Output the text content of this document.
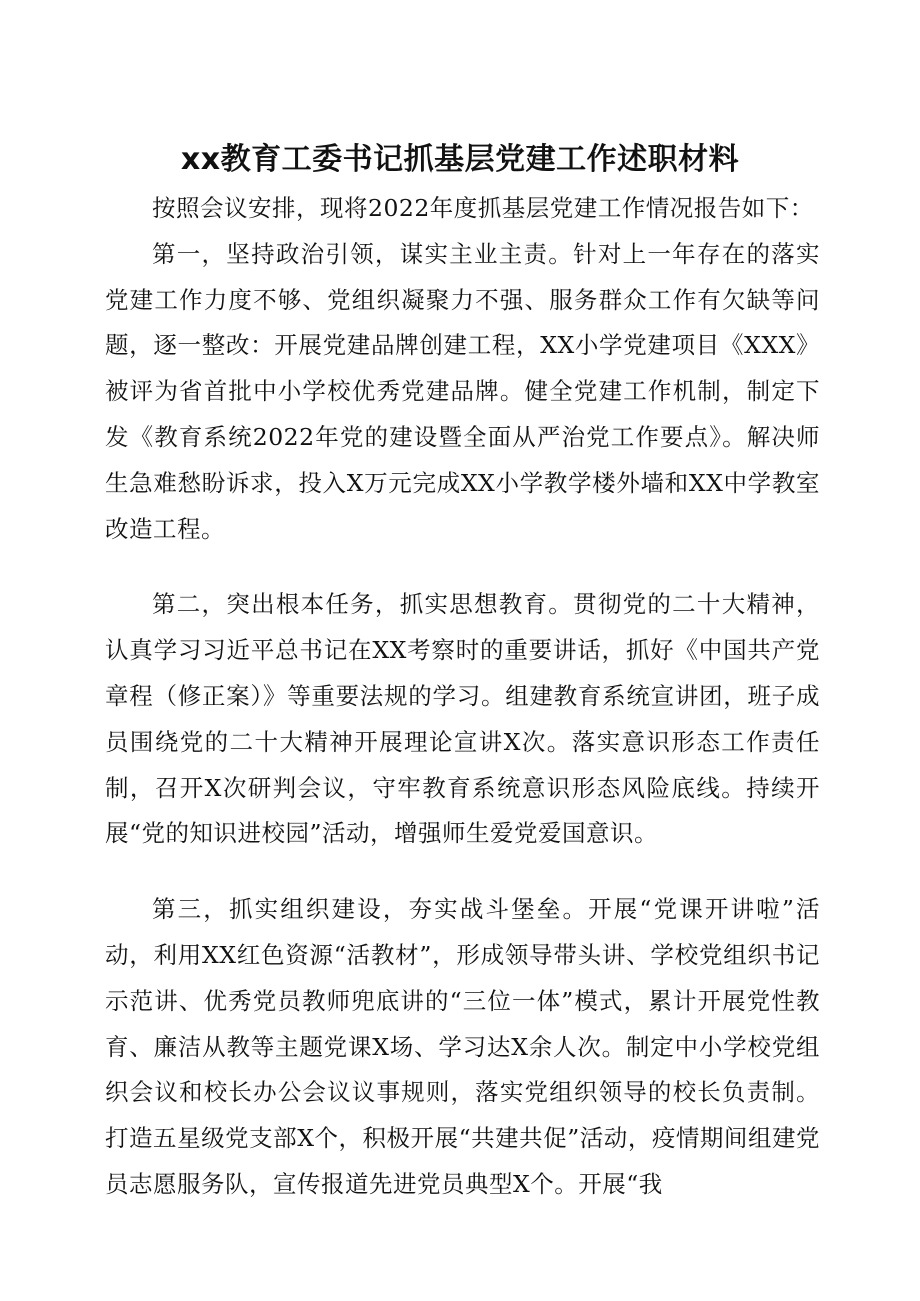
xx教育工委书记抓基层党建工作述职材料

按照会议安排，现将2022年度抓基层党建工作情况报告如下：

第一，坚持政治引领，谋实主业主责。针对上一年存在的落实党建工作力度不够、党组织凝聚力不强、服务群众工作有欠缺等问题，逐一整改：开展党建品牌创建工程，XX小学党建项目《XXX》被评为省首批中小学校优秀党建品牌。健全党建工作机制，制定下发《教育系统2022年党的建设暨全面从严治党工作要点》。解决师生急难愁盼诉求，投入X万元完成XX小学教学楼外墙和XX中学教室改造工程。

第二，突出根本任务，抓实思想教育。贯彻党的二十大精神，认真学习习近平总书记在XX考察时的重要讲话，抓好《中国共产党章程（修正案）》等重要法规的学习。组建教育系统宣讲团，班子成员围绕党的二十大精神开展理论宣讲X次。落实意识形态工作责任制，召开X次研判会议，守牢教育系统意识形态风险底线。持续开展“党的知识进校园”活动，增强师生爱党爱国意识。

第三，抓实组织建设，夯实战斗堡垒。开展“党课开讲啦”活动，利用XX红色资源“活教材”，形成领导带头讲、学校党组织书记示范讲、优秀党员教师兜底讲的“三位一体”模式，累计开展党性教育、廉洁从教等主题党课X场、学习达X余人次。制定中小学校党组织会议和校长办公会议议事规则，落实党组织领导的校长负责制。打造五星级党支部X个，积极开展“共建共促”活动，疫情期间组建党员志愿服务队，宣传报道先进党员典型X个。开展“我
